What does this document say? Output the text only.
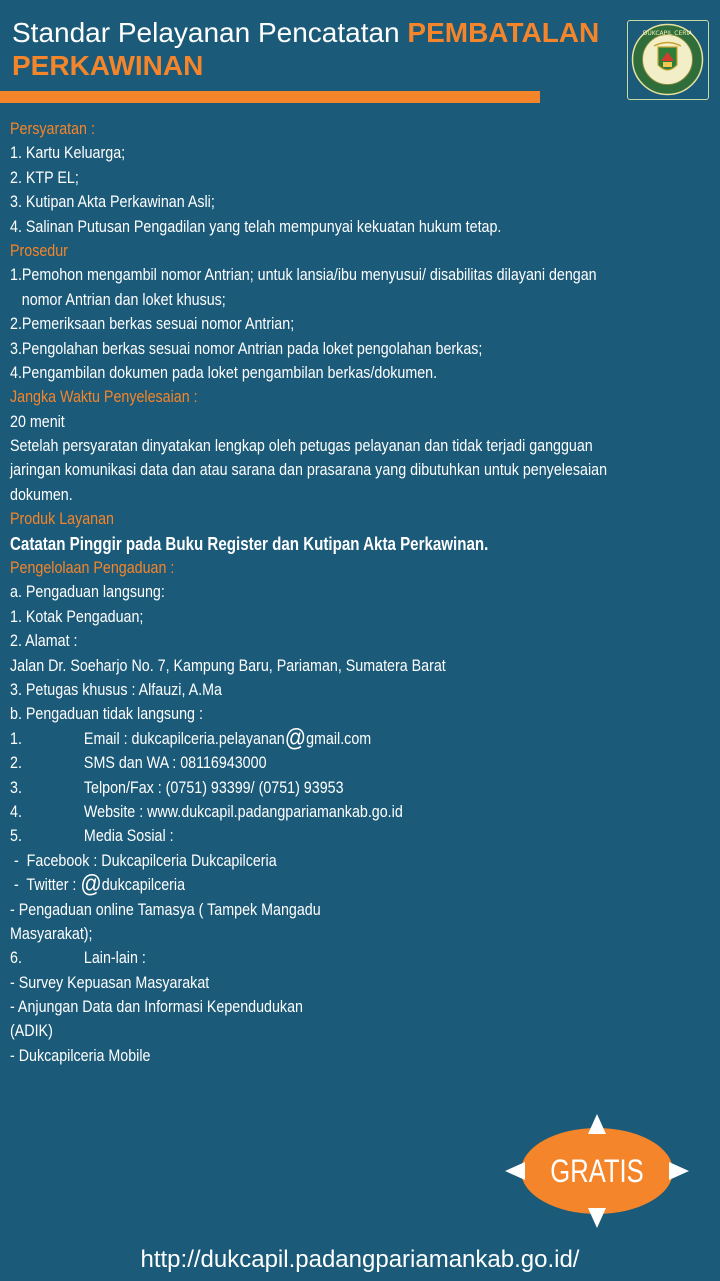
Standar Pelayanan Pencatatan PEMBATALAN
PERKAWINAN
DUKCAPIL CERIA
Persyaratan :
1. Kartu Keluarga;
2. KTP EL;
3. Kutipan Akta Perkawinan Asli;
4. Salinan Putusan Pengadilan yang telah mempunyai kekuatan hukum tetap.
Prosedur
1.Pemohon mengambil nomor Antrian; untuk lansia/ibu menyusui/ disabilitas dilayani dengan
nomor Antrian dan loket khusus;
2.Pemeriksaan berkas sesuai nomor Antrian;
3.Pengolahan berkas sesuai nomor Antrian pada loket pengolahan berkas;
4.Pengambilan dokumen pada loket pengambilan berkas/dokumen.
Jangka Waktu Penyelesaian :
20 menit
Setelah persyaratan dinyatakan lengkap oleh petugas pelayanan dan tidak terjadi gangguan
jaringan komunikasi data dan atau sarana dan prasarana yang dibutuhkan untuk penyelesaian
dokumen.
Produk Layanan
Catatan Pinggir pada Buku Register dan Kutipan Akta Perkawinan.
Pengelolaan Pengaduan :
a. Pengaduan langsung:
1. Kotak Pengaduan;
2. Alamat :
Jalan Dr. Soeharjo No. 7, Kampung Baru, Pariaman, Sumatera Barat
3. Petugas khusus : Alfauzi, A.Ma
b. Pengaduan tidak langsung :
1.	Email : dukcapilceria.pelayanan@gmail.com
2.	SMS dan WA : 08116943000
3.	Telpon/Fax : (0751) 93399/ (0751) 93953
4.	Website : www.dukcapil.padangpariamankab.go.id
5.	Media Sosial :
-  Facebook : Dukcapilceria Dukcapilceria
-  Twitter : @dukcapilceria
- Pengaduan online Tamasya ( Tampek Mangadu
Masyarakat);
6.	Lain-lain :
- Survey Kepuasan Masyarakat
- Anjungan Data dan Informasi Kependudukan
(ADIK)
- Dukcapilceria Mobile
GRATIS
http://dukcapil.padangpariamankab.go.id/
